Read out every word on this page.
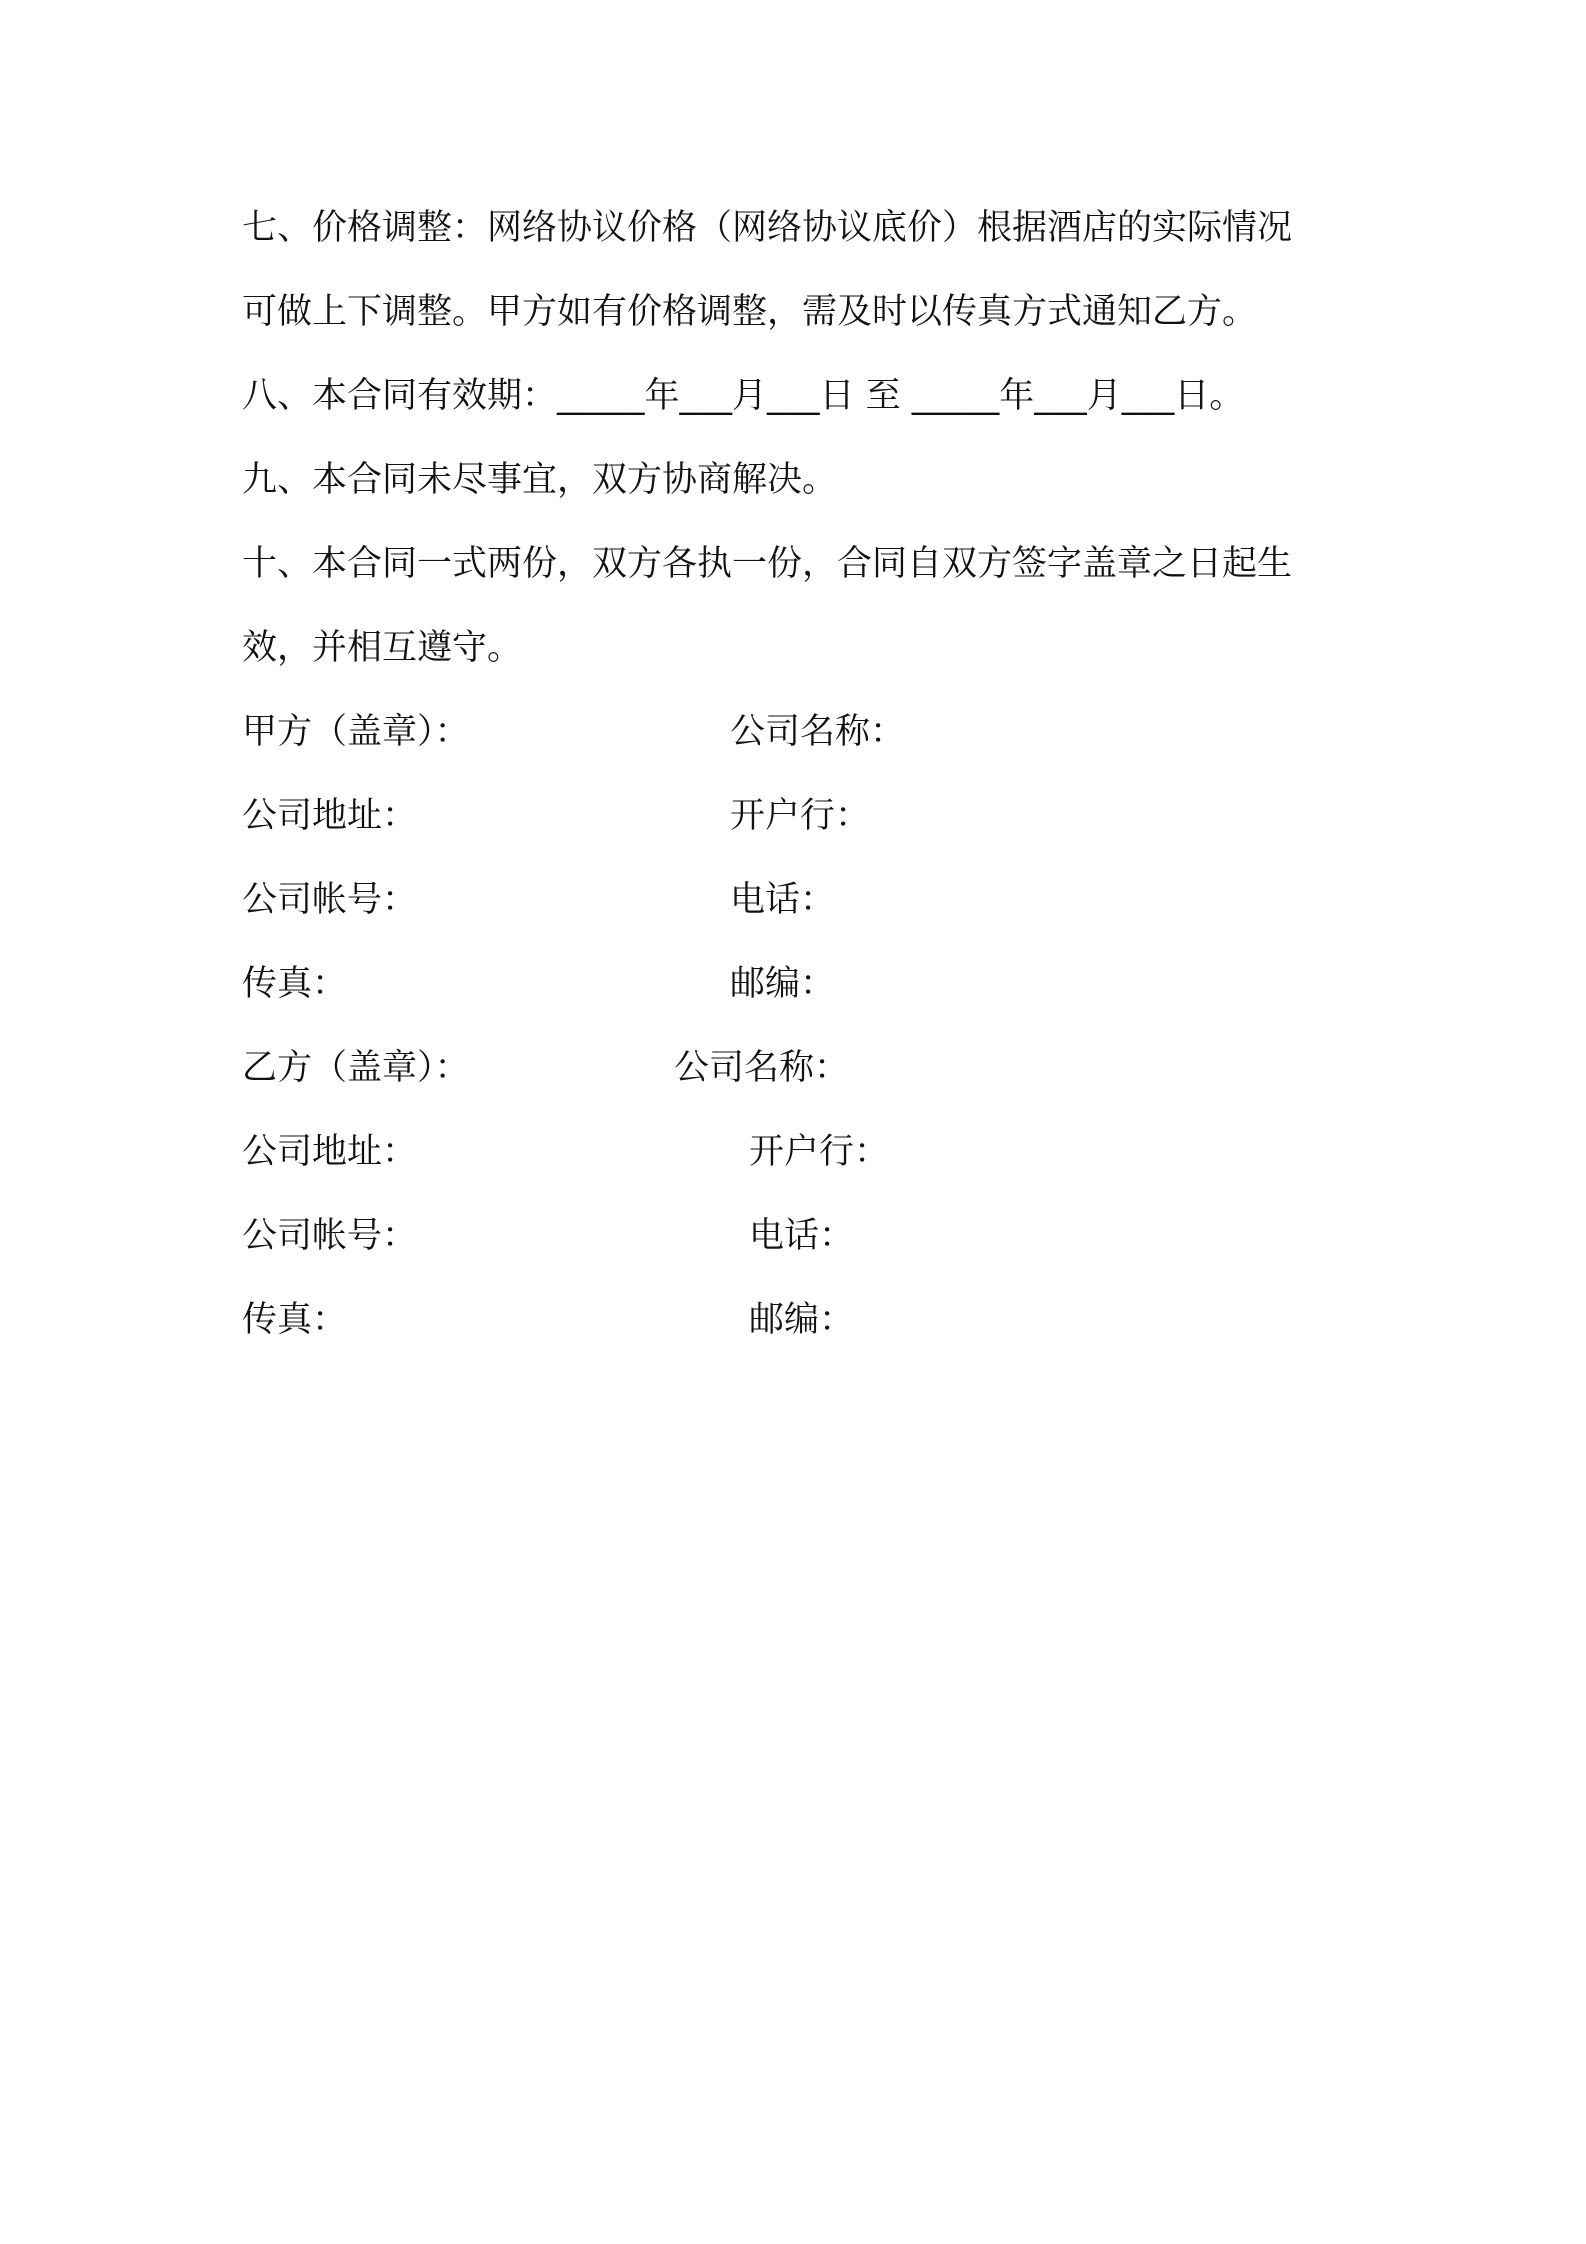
七、价格调整：网络协议价格（网络协议底价）根据酒店的实际情况

可做上下调整。甲方如有价格调整，需及时以传真方式通知乙方。

八、本合同有效期：_____年___月___日 至 _____年___月___日。

九、本合同未尽事宜，双方协商解决。

十、本合同一式两份，双方各执一份，合同自双方签字盖章之日起生

效，并相互遵守。

甲方（盖章）：	公司名称：
公司地址：	开户行：
公司帐号：	电话：
传真：	邮编：
乙方（盖章）：	公司名称：
公司地址：	开户行：
公司帐号：	电话：
传真：	邮编：
